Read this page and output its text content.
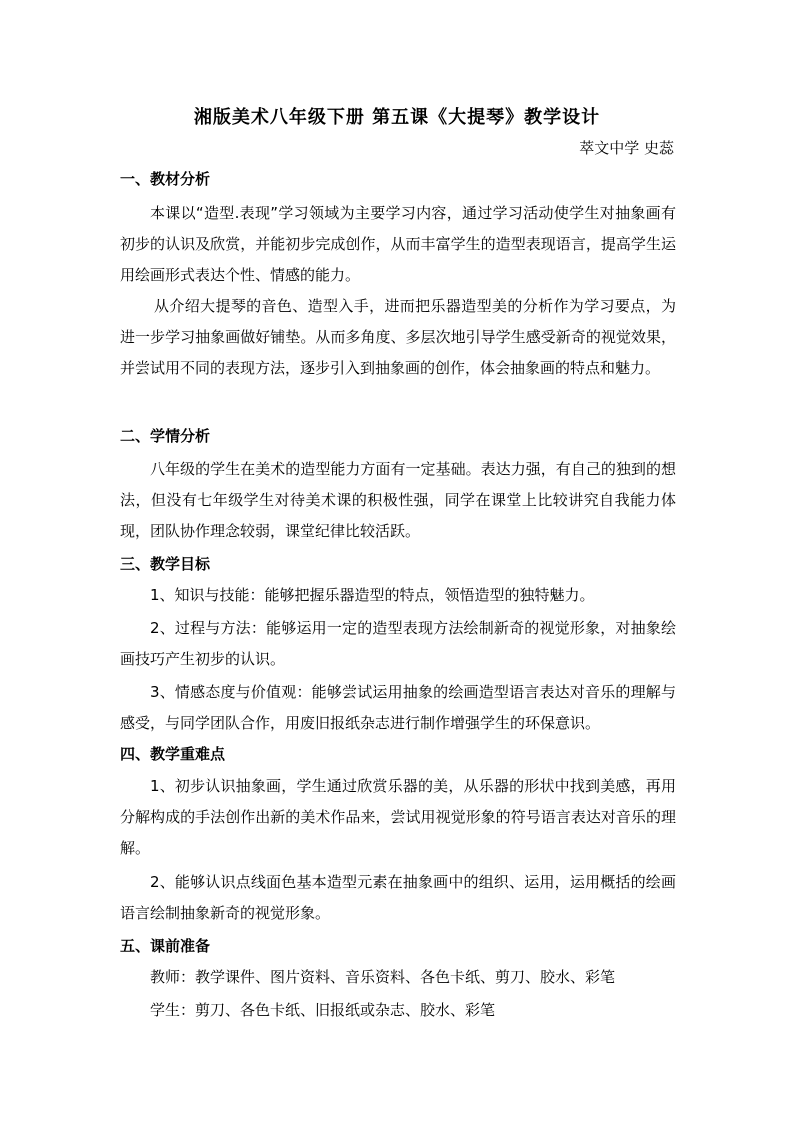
湘版美术八年级下册 第五课《大提琴》教学设计
萃文中学 史蕊
一、教材分析
本课以“造型.表现”学习领域为主要学习内容，通过学习活动使学生对抽象画有初步的认识及欣赏，并能初步完成创作，从而丰富学生的造型表现语言，提高学生运用绘画形式表达个性、情感的能力。
从介绍大提琴的音色、造型入手，进而把乐器造型美的分析作为学习要点，为进一步学习抽象画做好铺垫。从而多角度、多层次地引导学生感受新奇的视觉效果，并尝试用不同的表现方法，逐步引入到抽象画的创作，体会抽象画的特点和魅力。
二、学情分析
八年级的学生在美术的造型能力方面有一定基础。表达力强，有自己的独到的想法，但没有七年级学生对待美术课的积极性强，同学在课堂上比较讲究自我能力体现，团队协作理念较弱，课堂纪律比较活跃。
三、教学目标
1、知识与技能：能够把握乐器造型的特点，领悟造型的独特魅力。
2、过程与方法：能够运用一定的造型表现方法绘制新奇的视觉形象，对抽象绘画技巧产生初步的认识。
3、情感态度与价值观：能够尝试运用抽象的绘画造型语言表达对音乐的理解与感受，与同学团队合作，用废旧报纸杂志进行制作增强学生的环保意识。
四、教学重难点
1、初步认识抽象画，学生通过欣赏乐器的美，从乐器的形状中找到美感，再用分解构成的手法创作出新的美术作品来，尝试用视觉形象的符号语言表达对音乐的理解。
2、能够认识点线面色基本造型元素在抽象画中的组织、运用，运用概括的绘画语言绘制抽象新奇的视觉形象。
五、课前准备
教师：教学课件、图片资料、音乐资料、各色卡纸、剪刀、胶水、彩笔
学生：剪刀、各色卡纸、旧报纸或杂志、胶水、彩笔
